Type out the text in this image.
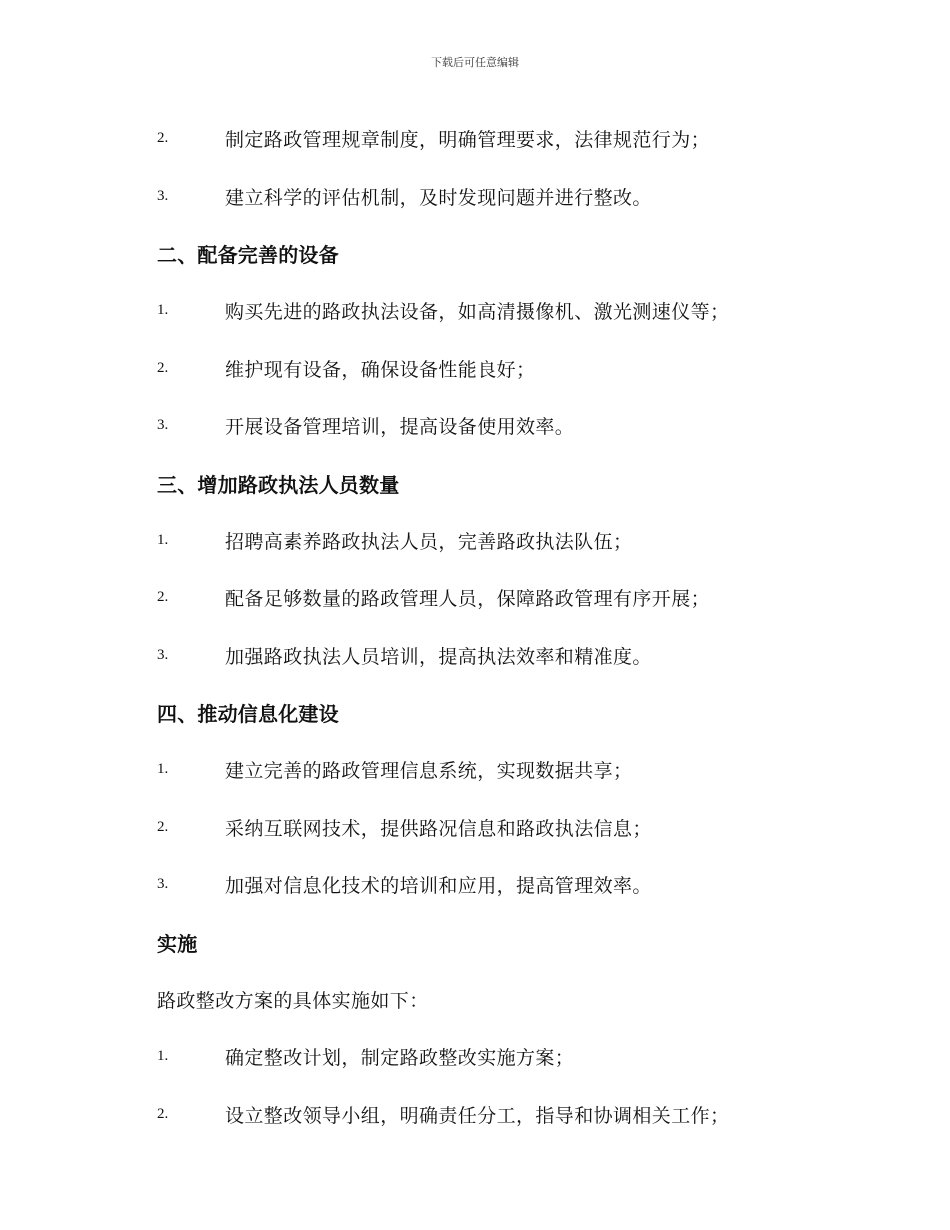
下载后可任意编辑
2.	制定路政管理规章制度，明确管理要求，法律规范行为；
3.	建立科学的评估机制，及时发现问题并进行整改。
二、配备完善的设备
1.	购买先进的路政执法设备，如高清摄像机、激光测速仪等；
2.	维护现有设备，确保设备性能良好；
3.	开展设备管理培训，提高设备使用效率。
三、增加路政执法人员数量
1.	招聘高素养路政执法人员，完善路政执法队伍；
2.	配备足够数量的路政管理人员，保障路政管理有序开展；
3.	加强路政执法人员培训，提高执法效率和精准度。
四、推动信息化建设
1.	建立完善的路政管理信息系统，实现数据共享；
2.	采纳互联网技术，提供路况信息和路政执法信息；
3.	加强对信息化技术的培训和应用，提高管理效率。
实施
路政整改方案的具体实施如下：
1.	确定整改计划，制定路政整改实施方案；
2.	设立整改领导小组，明确责任分工，指导和协调相关工作；
